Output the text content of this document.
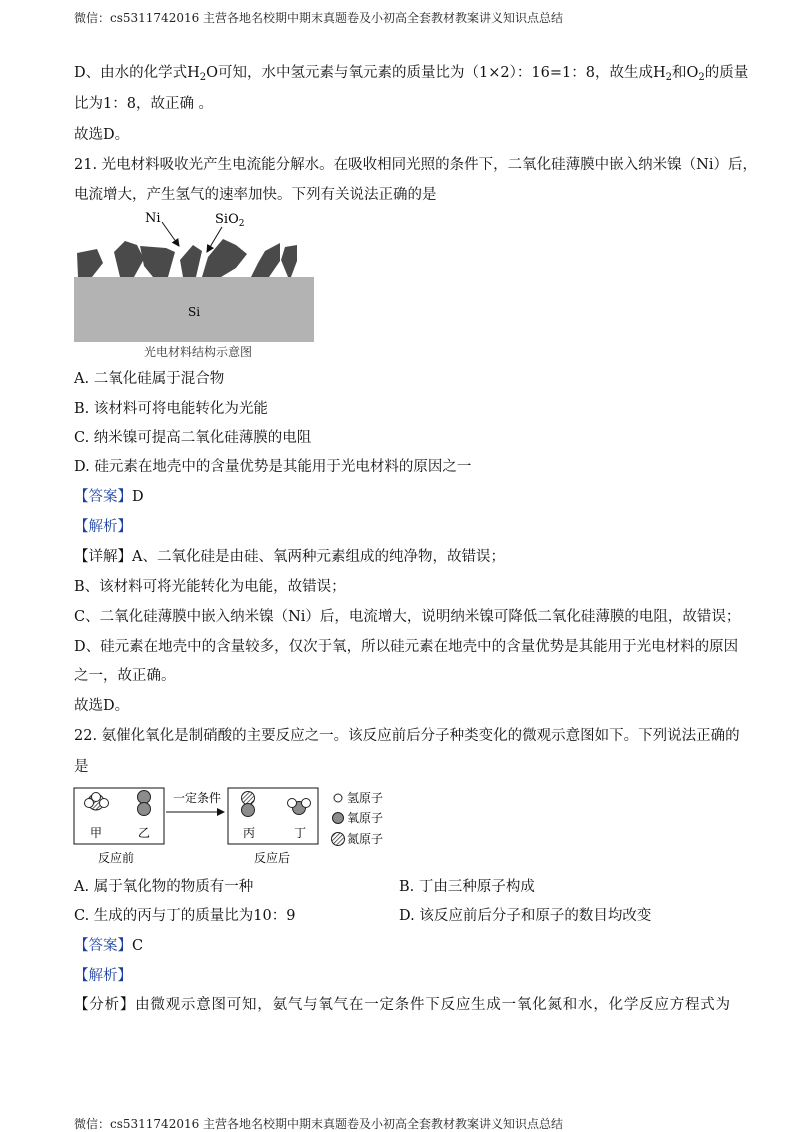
微信：cs5311742016 主营各地名校期中期末真题卷及小初高全套教材教案讲义知识点总结
D、由水的化学式$H_2O$可知，水中氢元素与氧元素的质量比为（1×2）：16=1：8，故生成$H_2$和$O_2$的质量
比为1：8，故正确 。
故选D。
21. 光电材料吸收光产生电流能分解水。在吸收相同光照的条件下，二氧化硅薄膜中嵌入纳米镍（Ni）后，
电流增大，产生氢气的速率加快。下列有关说法正确的是
Ni	SiO$_2$
Si
光电材料结构示意图
A. 二氧化硅属于混合物
B. 该材料可将电能转化为光能
C. 纳米镍可提高二氧化硅薄膜的电阻
D. 硅元素在地壳中的含量优势是其能用于光电材料的原因之一
【答案】D
【解析】
【详解】A、二氧化硅是由硅、氧两种元素组成的纯净物，故错误；
B、该材料可将光能转化为电能，故错误；
C、二氧化硅薄膜中嵌入纳米镍（Ni）后，电流增大，说明纳米镍可降低二氧化硅薄膜的电阻，故错误；
D、硅元素在地壳中的含量较多，仅次于氧，所以硅元素在地壳中的含量优势是其能用于光电材料的原因
之一，故正确。
故选D。
22. 氨催化氧化是制硝酸的主要反应之一。该反应前后分子种类变化的微观示意图如下。下列说法正确的
是
甲	乙
一定条件
丙	丁
反应前	反应后
氢原子
氧原子
氮原子
A. 属于氧化物的物质有一种	B. 丁由三种原子构成
C. 生成的丙与丁的质量比为10：9	D. 该反应前后分子和原子的数目均改变
【答案】C
【解析】
【分析】由微观示意图可知，氨气与氧气在一定条件下反应生成一氧化氮和水，化学反应方程式为
微信：cs5311742016 主营各地名校期中期末真题卷及小初高全套教材教案讲义知识点总结
